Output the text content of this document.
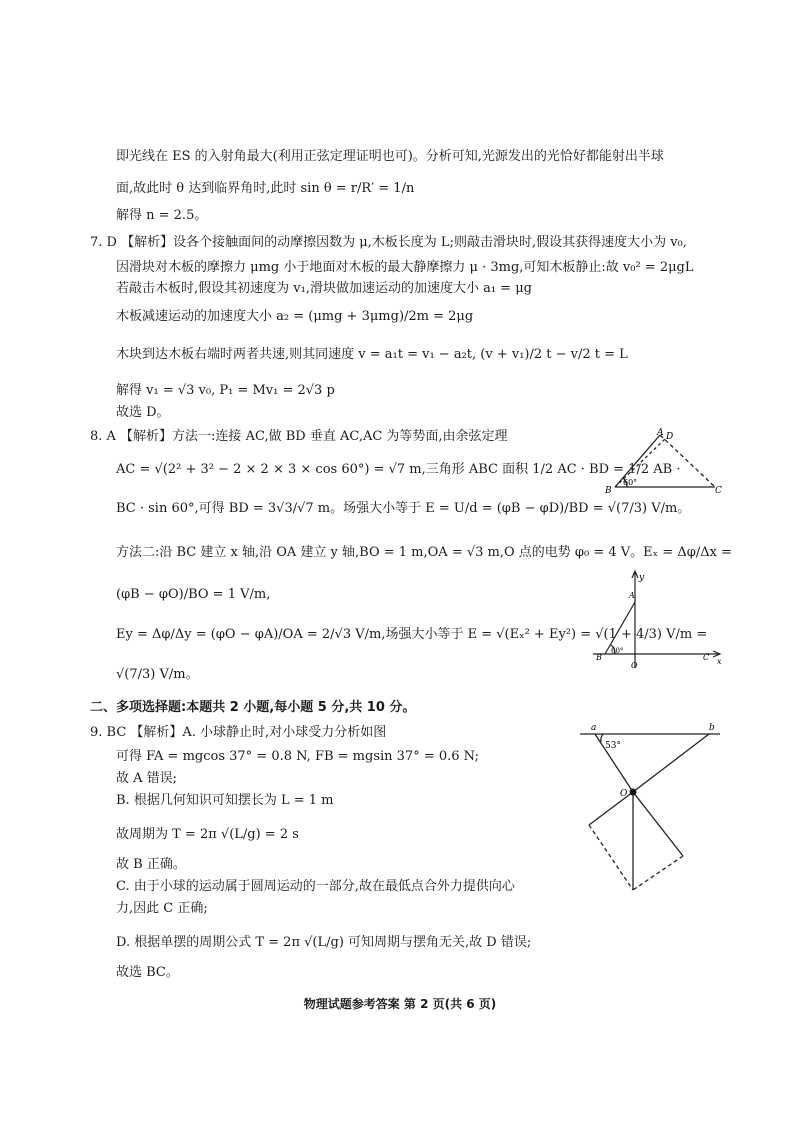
即光线在 ES 的入射角最大(利用正弦定理证明也可)。分析可知,光源发出的光恰好都能射出半球
面,故此时 θ 达到临界角时,此时 sin θ = r/R′ = 1/n
解得 n = 2.5。
7. D 【解析】设各个接触面间的动摩擦因数为 μ,木板长度为 L;则敲击滑块时,假设其获得速度大小为 v₀,
因滑块对木板的摩擦力 μmg 小于地面对木板的最大静摩擦力 μ · 3mg,可知木板静止:故 v₀² = 2μgL
若敲击木板时,假设其初速度为 v₁,滑块做加速运动的加速度大小 a₁ = μg
木板减速运动的加速度大小 a₂ = (μmg + 3μmg)/2m = 2μg
木块到达木板右端时两者共速,则其同速度 v = a₁t = v₁ − a₂t, (v + v₁)/2 t − v/2 t = L
解得 v₁ = √3 v₀, P₁ = Mv₁ = 2√3 p
故选 D。
8. A 【解析】方法一:连接 AC,做 BD 垂直 AC,AC 为等势面,由余弦定理
AC = √(2² + 3² − 2 × 2 × 3 × cos 60°) = √7 m,三角形 ABC 面积 1/2 AC · BD = 1/2 AB ·
BC · sin 60°,可得 BD = 3√3/√7 m。场强大小等于 E = U/d = (φB − φD)/BD = √(7/3) V/m。
方法二:沿 BC 建立 x 轴,沿 OA 建立 y 轴,BO = 1 m,OA = √3 m,O 点的电势 φ₀ = 4 V。Eₓ = Δφ/Δx =
(φB − φO)/BO = 1 V/m,
Ey = Δφ/Δy = (φO − φA)/OA = 2/√3 V/m,场强大小等于 E = √(Eₓ² + Ey²) = √(1 + 4/3) V/m =
√(7/3) V/m。
二、多项选择题:本题共 2 小题,每小题 5 分,共 10 分。
9. BC 【解析】A. 小球静止时,对小球受力分析如图
可得 FA = mgcos 37° = 0.8 N, FB = mgsin 37° = 0.6 N;
故 A 错误;
B. 根据几何知识可知摆长为 L = 1 m
故周期为 T = 2π √(L/g) = 2 s
故 B 正确。
C. 由于小球的运动属于圆周运动的一部分,故在最低点合外力提供向心
力,因此 C 正确;
D. 根据单摆的周期公式 T = 2π √(L/g) 可知周期与摆角无关,故 D 错误;
故选 BC。
A D
B	C
60°
y
A
B
60°
O
C x
a	b
53°
O
物理试题参考答案 第 2 页(共 6 页)
